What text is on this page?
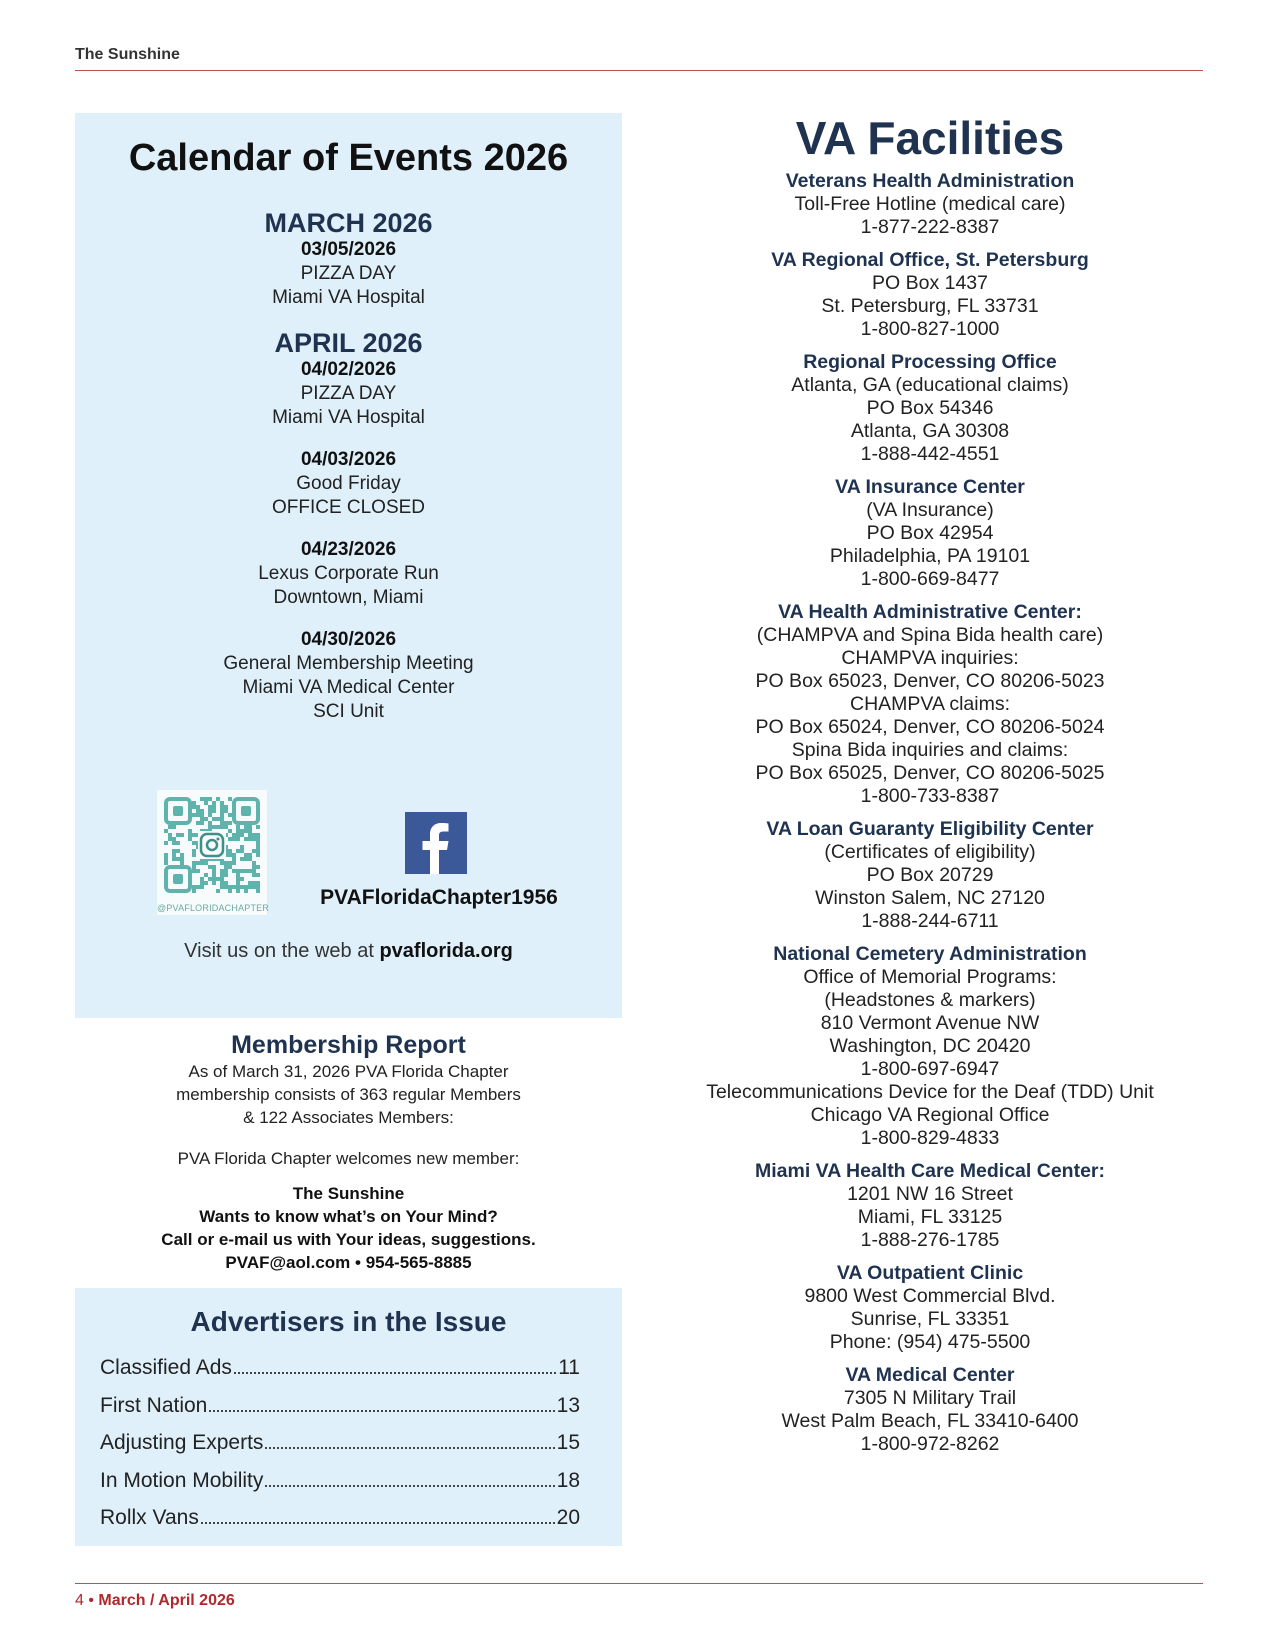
The Sunshine
Calendar of Events 2026
MARCH 2026
03/05/2026
PIZZA DAY
Miami VA Hospital
APRIL 2026
04/02/2026
PIZZA DAY
Miami VA Hospital
04/03/2026
Good Friday
OFFICE CLOSED
04/23/2026
Lexus Corporate Run
Downtown, Miami
04/30/2026
General Membership Meeting
Miami VA Medical Center
SCI Unit
@PVAFLORIDACHAPTER	PVAFloridaChapter1956
Visit us on the web at pvaflorida.org
Membership Report
As of March 31, 2026 PVA Florida Chapter
membership consists of 363 regular Members
& 122 Associates Members:
PVA Florida Chapter welcomes new member:
The Sunshine
Wants to know what’s on Your Mind?
Call or e-mail us with Your ideas, suggestions.
PVAF@aol.com • 954-565-8885
Advertisers in the Issue
Classified Ads	11
First Nation	13
Adjusting Experts	15
In Motion Mobility	18
Rollx Vans	20
VA Facilities
Veterans Health Administration
Toll-Free Hotline (medical care)
1-877-222-8387
VA Regional Office, St. Petersburg
PO Box 1437
St. Petersburg, FL 33731
1-800-827-1000
Regional Processing Office
Atlanta, GA (educational claims)
PO Box 54346
Atlanta, GA 30308
1-888-442-4551
VA Insurance Center
(VA Insurance)
PO Box 42954
Philadelphia, PA 19101
1-800-669-8477
VA Health Administrative Center:
(CHAMPVA and Spina Bida health care)
CHAMPVA inquiries:
PO Box 65023, Denver, CO 80206-5023
CHAMPVA claims:
PO Box 65024, Denver, CO 80206-5024
Spina Bida inquiries and claims:
PO Box 65025, Denver, CO 80206-5025
1-800-733-8387
VA Loan Guaranty Eligibility Center
(Certificates of eligibility)
PO Box 20729
Winston Salem, NC 27120
1-888-244-6711
National Cemetery Administration
Office of Memorial Programs:
(Headstones & markers)
810 Vermont Avenue NW
Washington, DC 20420
1-800-697-6947
Telecommunications Device for the Deaf (TDD) Unit
Chicago VA Regional Office
1-800-829-4833
Miami VA Health Care Medical Center:
1201 NW 16 Street
Miami, FL 33125
1-888-276-1785
VA Outpatient Clinic
9800 West Commercial Blvd.
Sunrise, FL 33351
Phone: (954) 475-5500
VA Medical Center
7305 N Military Trail
West Palm Beach, FL 33410-6400
1-800-972-8262
4 • March / April 2026
